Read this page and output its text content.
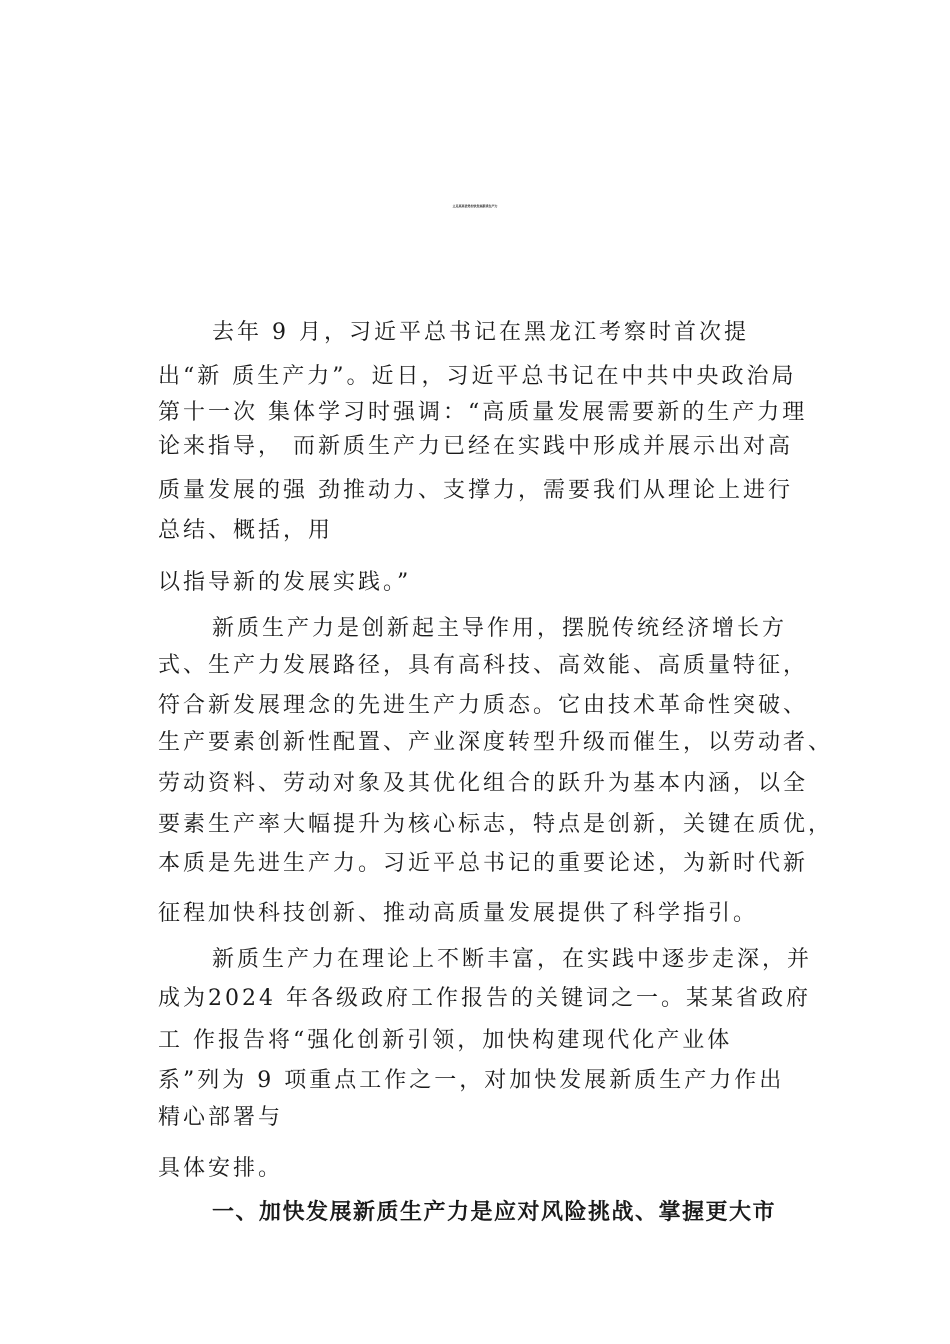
立足某某优势加快发展新质生产力
去年 9 月，习近平总书记在黑龙江考察时首次提
出“新 质生产力”。近日，习近平总书记在中共中央政治局
第十一次 集体学习时强调：“高质量发展需要新的生产力理
论来指导， 而新质生产力已经在实践中形成并展示出对高
质量发展的强 劲推动力、支撑力，需要我们从理论上进行
总结、概括，用
以指导新的发展实践。”
新质生产力是创新起主导作用，摆脱传统经济增长方
式、生产力发展路径，具有高科技、高效能、高质量特征，
符合新发展理念的先进生产力质态。它由技术革命性突破、
生产要素创新性配置、产业深度转型升级而催生，以劳动者、
劳动资料、劳动对象及其优化组合的跃升为基本内涵，以全
要素生产率大幅提升为核心标志，特点是创新，关键在质优，
本质是先进生产力。习近平总书记的重要论述，为新时代新
征程加快科技创新、推动高质量发展提供了科学指引。
新质生产力在理论上不断丰富，在实践中逐步走深，并
成为2024 年各级政府工作报告的关键词之一。某某省政府
工 作报告将“强化创新引领，加快构建现代化产业体
系”列为 9 项重点工作之一，对加快发展新质生产力作出
精心部署与
具体安排。
一、加快发展新质生产力是应对风险挑战、掌握更大市
